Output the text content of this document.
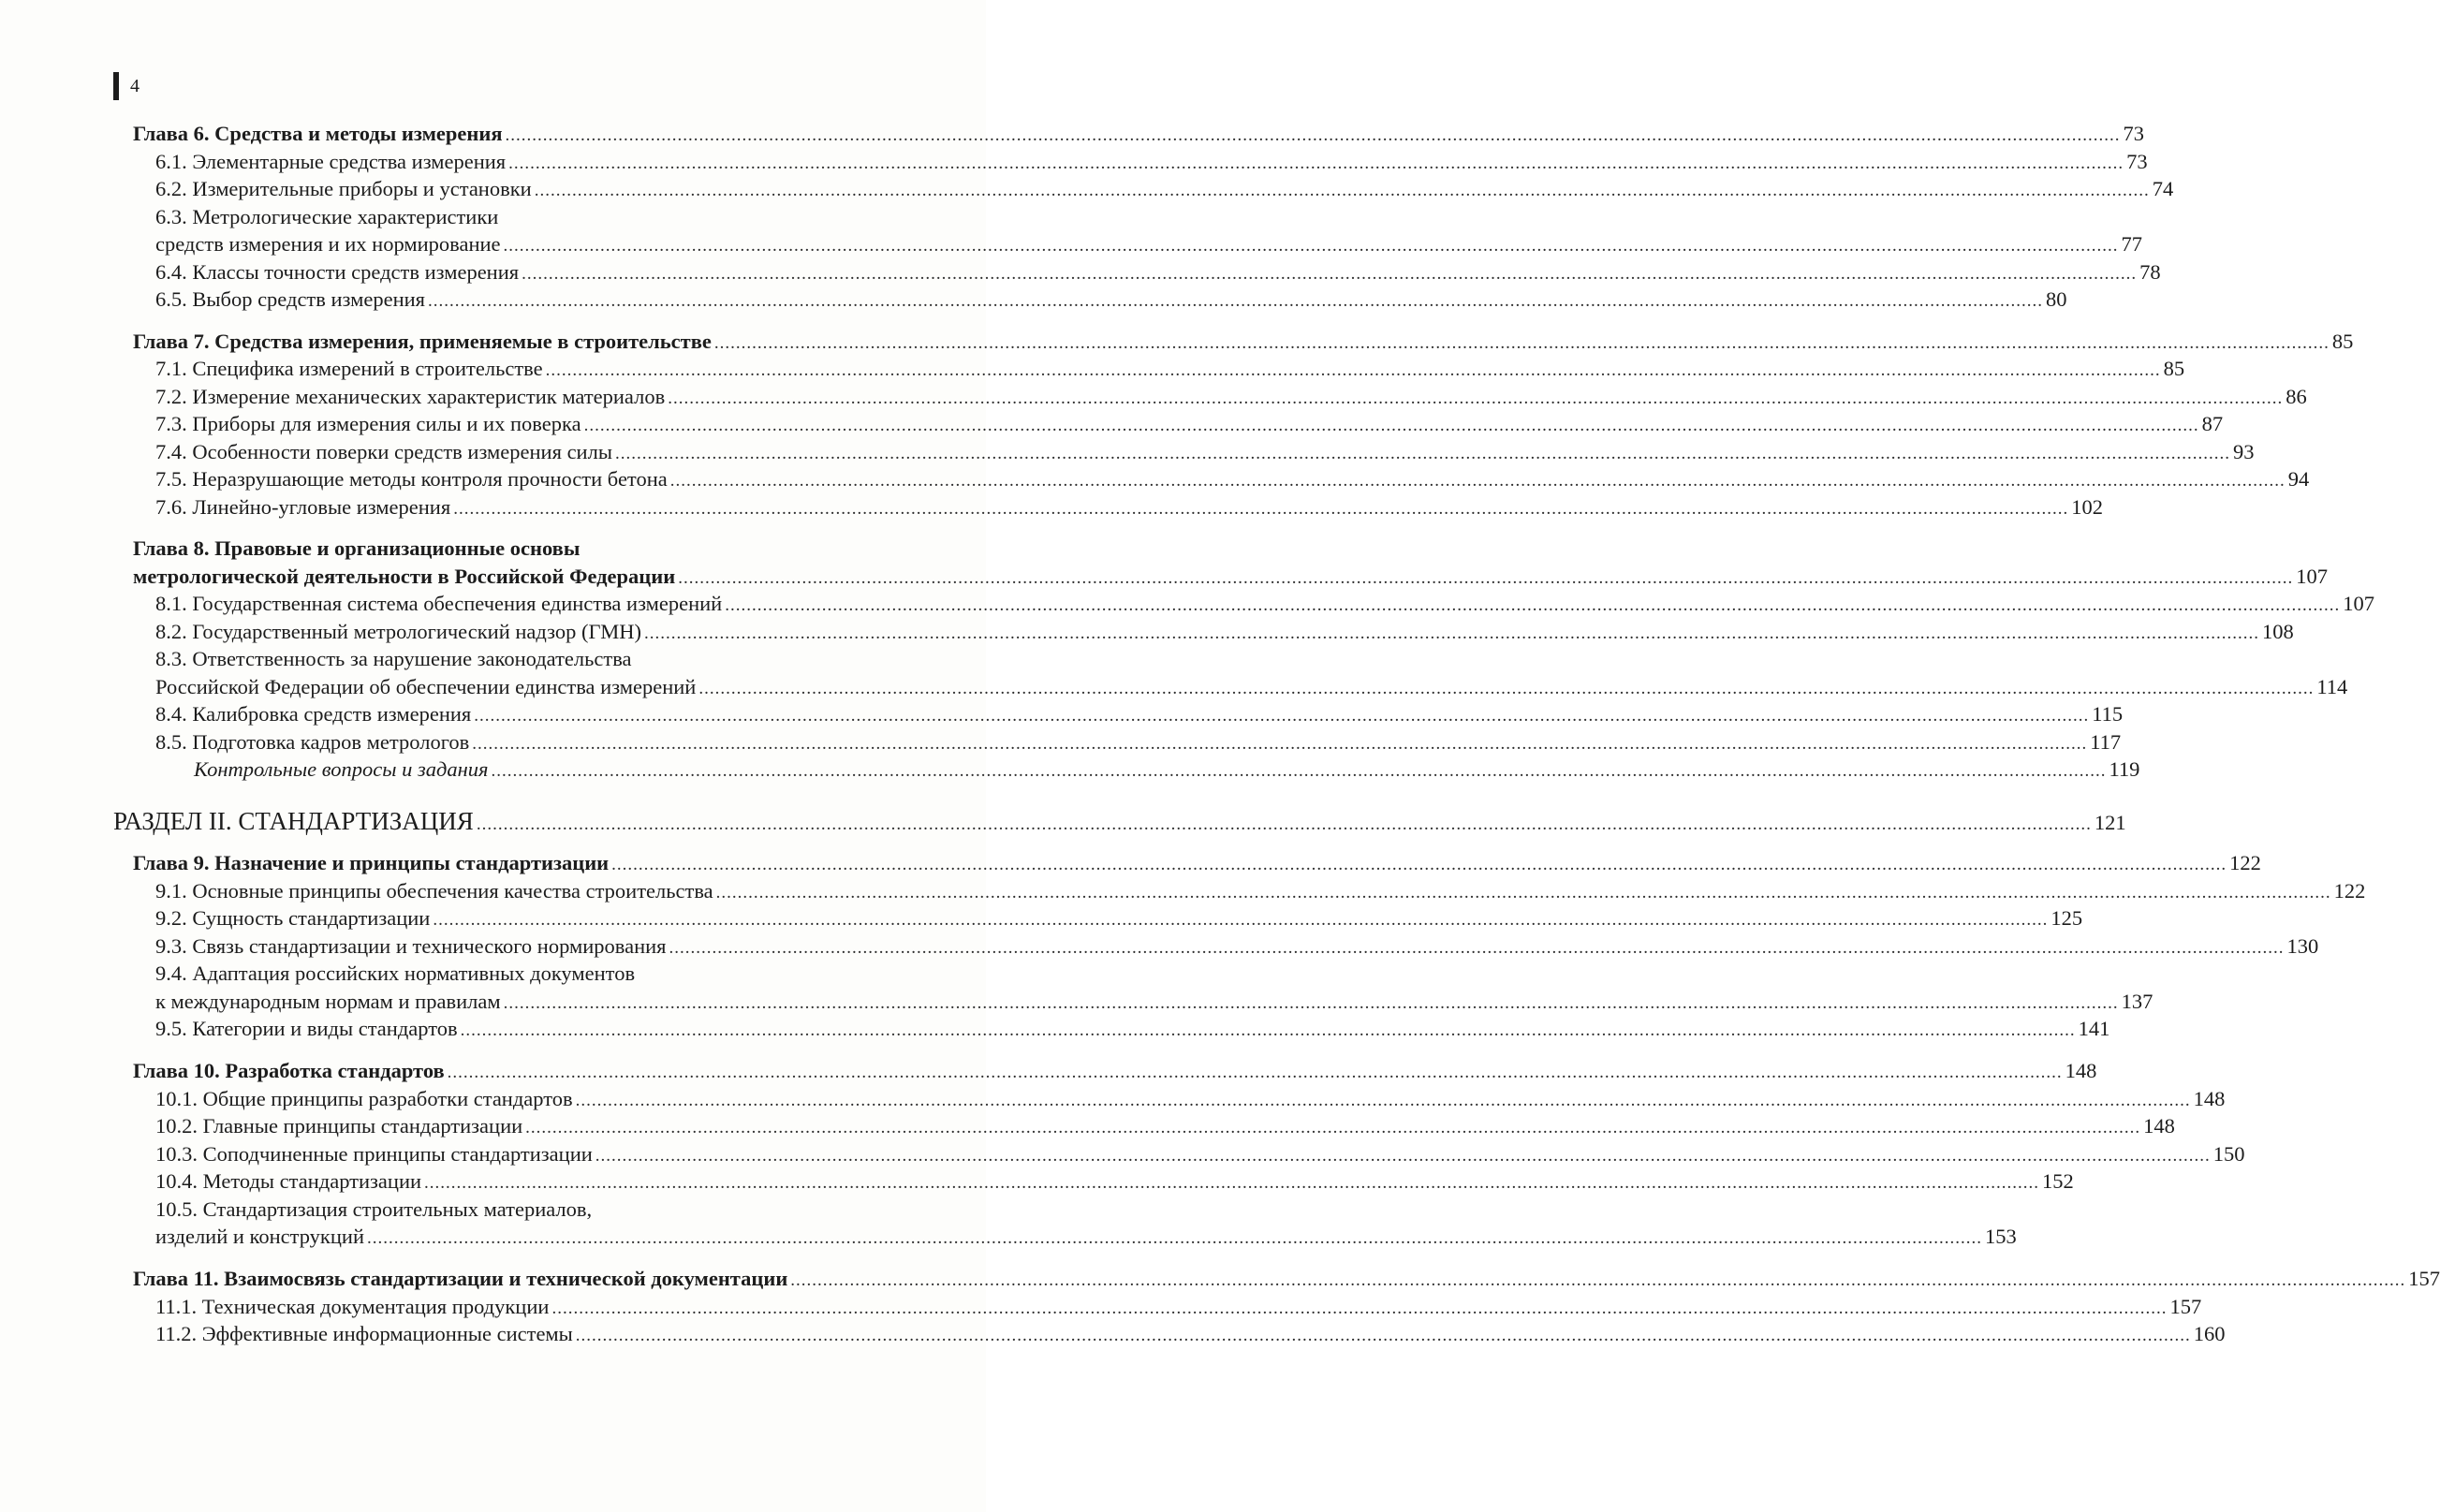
4
Глава 6. Средства и методы измерения ............................................................................................................................................................................................................................................................................................................ 73
6.1. Элементарные средства измерения ............................................................................................................................................................................................................................................................................................................ 73
6.2. Измерительные приборы и установки ............................................................................................................................................................................................................................................................................................................ 74
6.3. Метрологические характеристики
средств измерения и их нормирование ............................................................................................................................................................................................................................................................................................................ 77
6.4. Классы точности средств измерения ............................................................................................................................................................................................................................................................................................................ 78
6.5. Выбор средств измерения ............................................................................................................................................................................................................................................................................................................ 80
Глава 7. Средства измерения, применяемые в строительстве ............................................................................................................................................................................................................................................................................................................ 85
7.1. Специфика измерений в строительстве ............................................................................................................................................................................................................................................................................................................ 85
7.2. Измерение механических характеристик материалов ............................................................................................................................................................................................................................................................................................................ 86
7.3. Приборы для измерения силы и их поверка ............................................................................................................................................................................................................................................................................................................ 87
7.4. Особенности поверки средств измерения силы ............................................................................................................................................................................................................................................................................................................ 93
7.5. Неразрушающие методы контроля прочности бетона ............................................................................................................................................................................................................................................................................................................ 94
7.6. Линейно-угловые измерения ............................................................................................................................................................................................................................................................................................................ 102
Глава 8. Правовые и организационные основы
метрологической деятельности в Российской Федерации ............................................................................................................................................................................................................................................................................................................ 107
8.1. Государственная система обеспечения единства измерений ............................................................................................................................................................................................................................................................................................................ 107
8.2. Государственный метрологический надзор (ГМН) ............................................................................................................................................................................................................................................................................................................ 108
8.3. Ответственность за нарушение законодательства
Российской Федерации об обеспечении единства измерений ............................................................................................................................................................................................................................................................................................................ 114
8.4. Калибровка средств измерения ............................................................................................................................................................................................................................................................................................................ 115
8.5. Подготовка кадров метрологов ............................................................................................................................................................................................................................................................................................................ 117
Контрольные вопросы и задания ............................................................................................................................................................................................................................................................................................................ 119
РАЗДЕЛ II. СТАНДАРТИЗАЦИЯ ............................................................................................................................................................................................................................................................................................................ 121
Глава 9. Назначение и принципы стандартизации ............................................................................................................................................................................................................................................................................................................ 122
9.1. Основные принципы обеспечения качества строительства ............................................................................................................................................................................................................................................................................................................ 122
9.2. Сущность стандартизации ............................................................................................................................................................................................................................................................................................................ 125
9.3. Связь стандартизации и технического нормирования ............................................................................................................................................................................................................................................................................................................ 130
9.4. Адаптация российских нормативных документов
к международным нормам и правилам ............................................................................................................................................................................................................................................................................................................ 137
9.5. Категории и виды стандартов ............................................................................................................................................................................................................................................................................................................ 141
Глава 10. Разработка стандартов ............................................................................................................................................................................................................................................................................................................ 148
10.1. Общие принципы разработки стандартов ............................................................................................................................................................................................................................................................................................................ 148
10.2. Главные принципы стандартизации ............................................................................................................................................................................................................................................................................................................ 148
10.3. Соподчиненные принципы стандартизации ............................................................................................................................................................................................................................................................................................................ 150
10.4. Методы стандартизации ............................................................................................................................................................................................................................................................................................................ 152
10.5. Стандартизация строительных материалов,
изделий и конструкций ............................................................................................................................................................................................................................................................................................................ 153
Глава 11. Взаимосвязь стандартизации и технической документации ............................................................................................................................................................................................................................................................................................................ 157
11.1. Техническая документация продукции ............................................................................................................................................................................................................................................................................................................ 157
11.2. Эффективные информационные системы ............................................................................................................................................................................................................................................................................................................ 160
